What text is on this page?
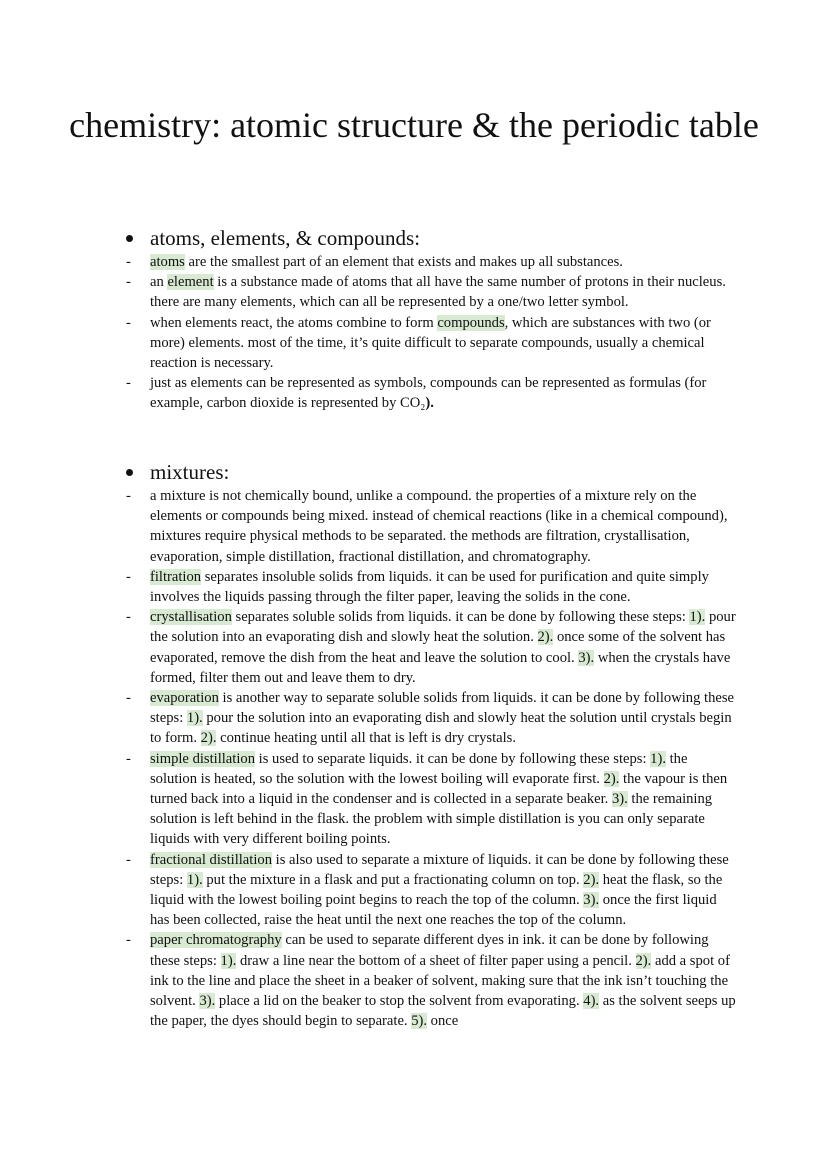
chemistry: atomic structure & the periodic table
atoms, elements, & compounds:
- atoms are the smallest part of an element that exists and makes up all substances.
- an element is a substance made of atoms that all have the same number of protons in their nucleus. there are many elements, which can all be represented by a one/two letter symbol.
- when elements react, the atoms combine to form compounds, which are substances with two (or more) elements. most of the time, it’s quite difficult to separate compounds, usually a chemical reaction is necessary.
- just as elements can be represented as symbols, compounds can be represented as formulas (for example, carbon dioxide is represented by CO₂).
mixtures:
- a mixture is not chemically bound, unlike a compound. the properties of a mixture rely on the elements or compounds being mixed. instead of chemical reactions (like in a chemical compound), mixtures require physical methods to be separated. the methods are filtration, crystallisation, evaporation, simple distillation, fractional distillation, and chromatography.
- filtration separates insoluble solids from liquids. it can be used for purification and quite simply involves the liquids passing through the filter paper, leaving the solids in the cone.
- crystallisation separates soluble solids from liquids. it can be done by following these steps: 1). pour the solution into an evaporating dish and slowly heat the solution. 2). once some of the solvent has evaporated, remove the dish from the heat and leave the solution to cool. 3). when the crystals have formed, filter them out and leave them to dry.
- evaporation is another way to separate soluble solids from liquids. it can be done by following these steps: 1). pour the solution into an evaporating dish and slowly heat the solution until crystals begin to form. 2). continue heating until all that is left is dry crystals.
- simple distillation is used to separate liquids. it can be done by following these steps: 1). the solution is heated, so the solution with the lowest boiling will evaporate first. 2). the vapour is then turned back into a liquid in the condenser and is collected in a separate beaker. 3). the remaining solution is left behind in the flask. the problem with simple distillation is you can only separate liquids with very different boiling points.
- fractional distillation is also used to separate a mixture of liquids. it can be done by following these steps: 1). put the mixture in a flask and put a fractionating column on top. 2). heat the flask, so the liquid with the lowest boiling point begins to reach the top of the column. 3). once the first liquid has been collected, raise the heat until the next one reaches the top of the column.
- paper chromatography can be used to separate different dyes in ink. it can be done by following these steps: 1). draw a line near the bottom of a sheet of filter paper using a pencil. 2). add a spot of ink to the line and place the sheet in a beaker of solvent, making sure that the ink isn’t touching the solvent. 3). place a lid on the beaker to stop the solvent from evaporating. 4). as the solvent seeps up the paper, the dyes should begin to separate. 5). once
